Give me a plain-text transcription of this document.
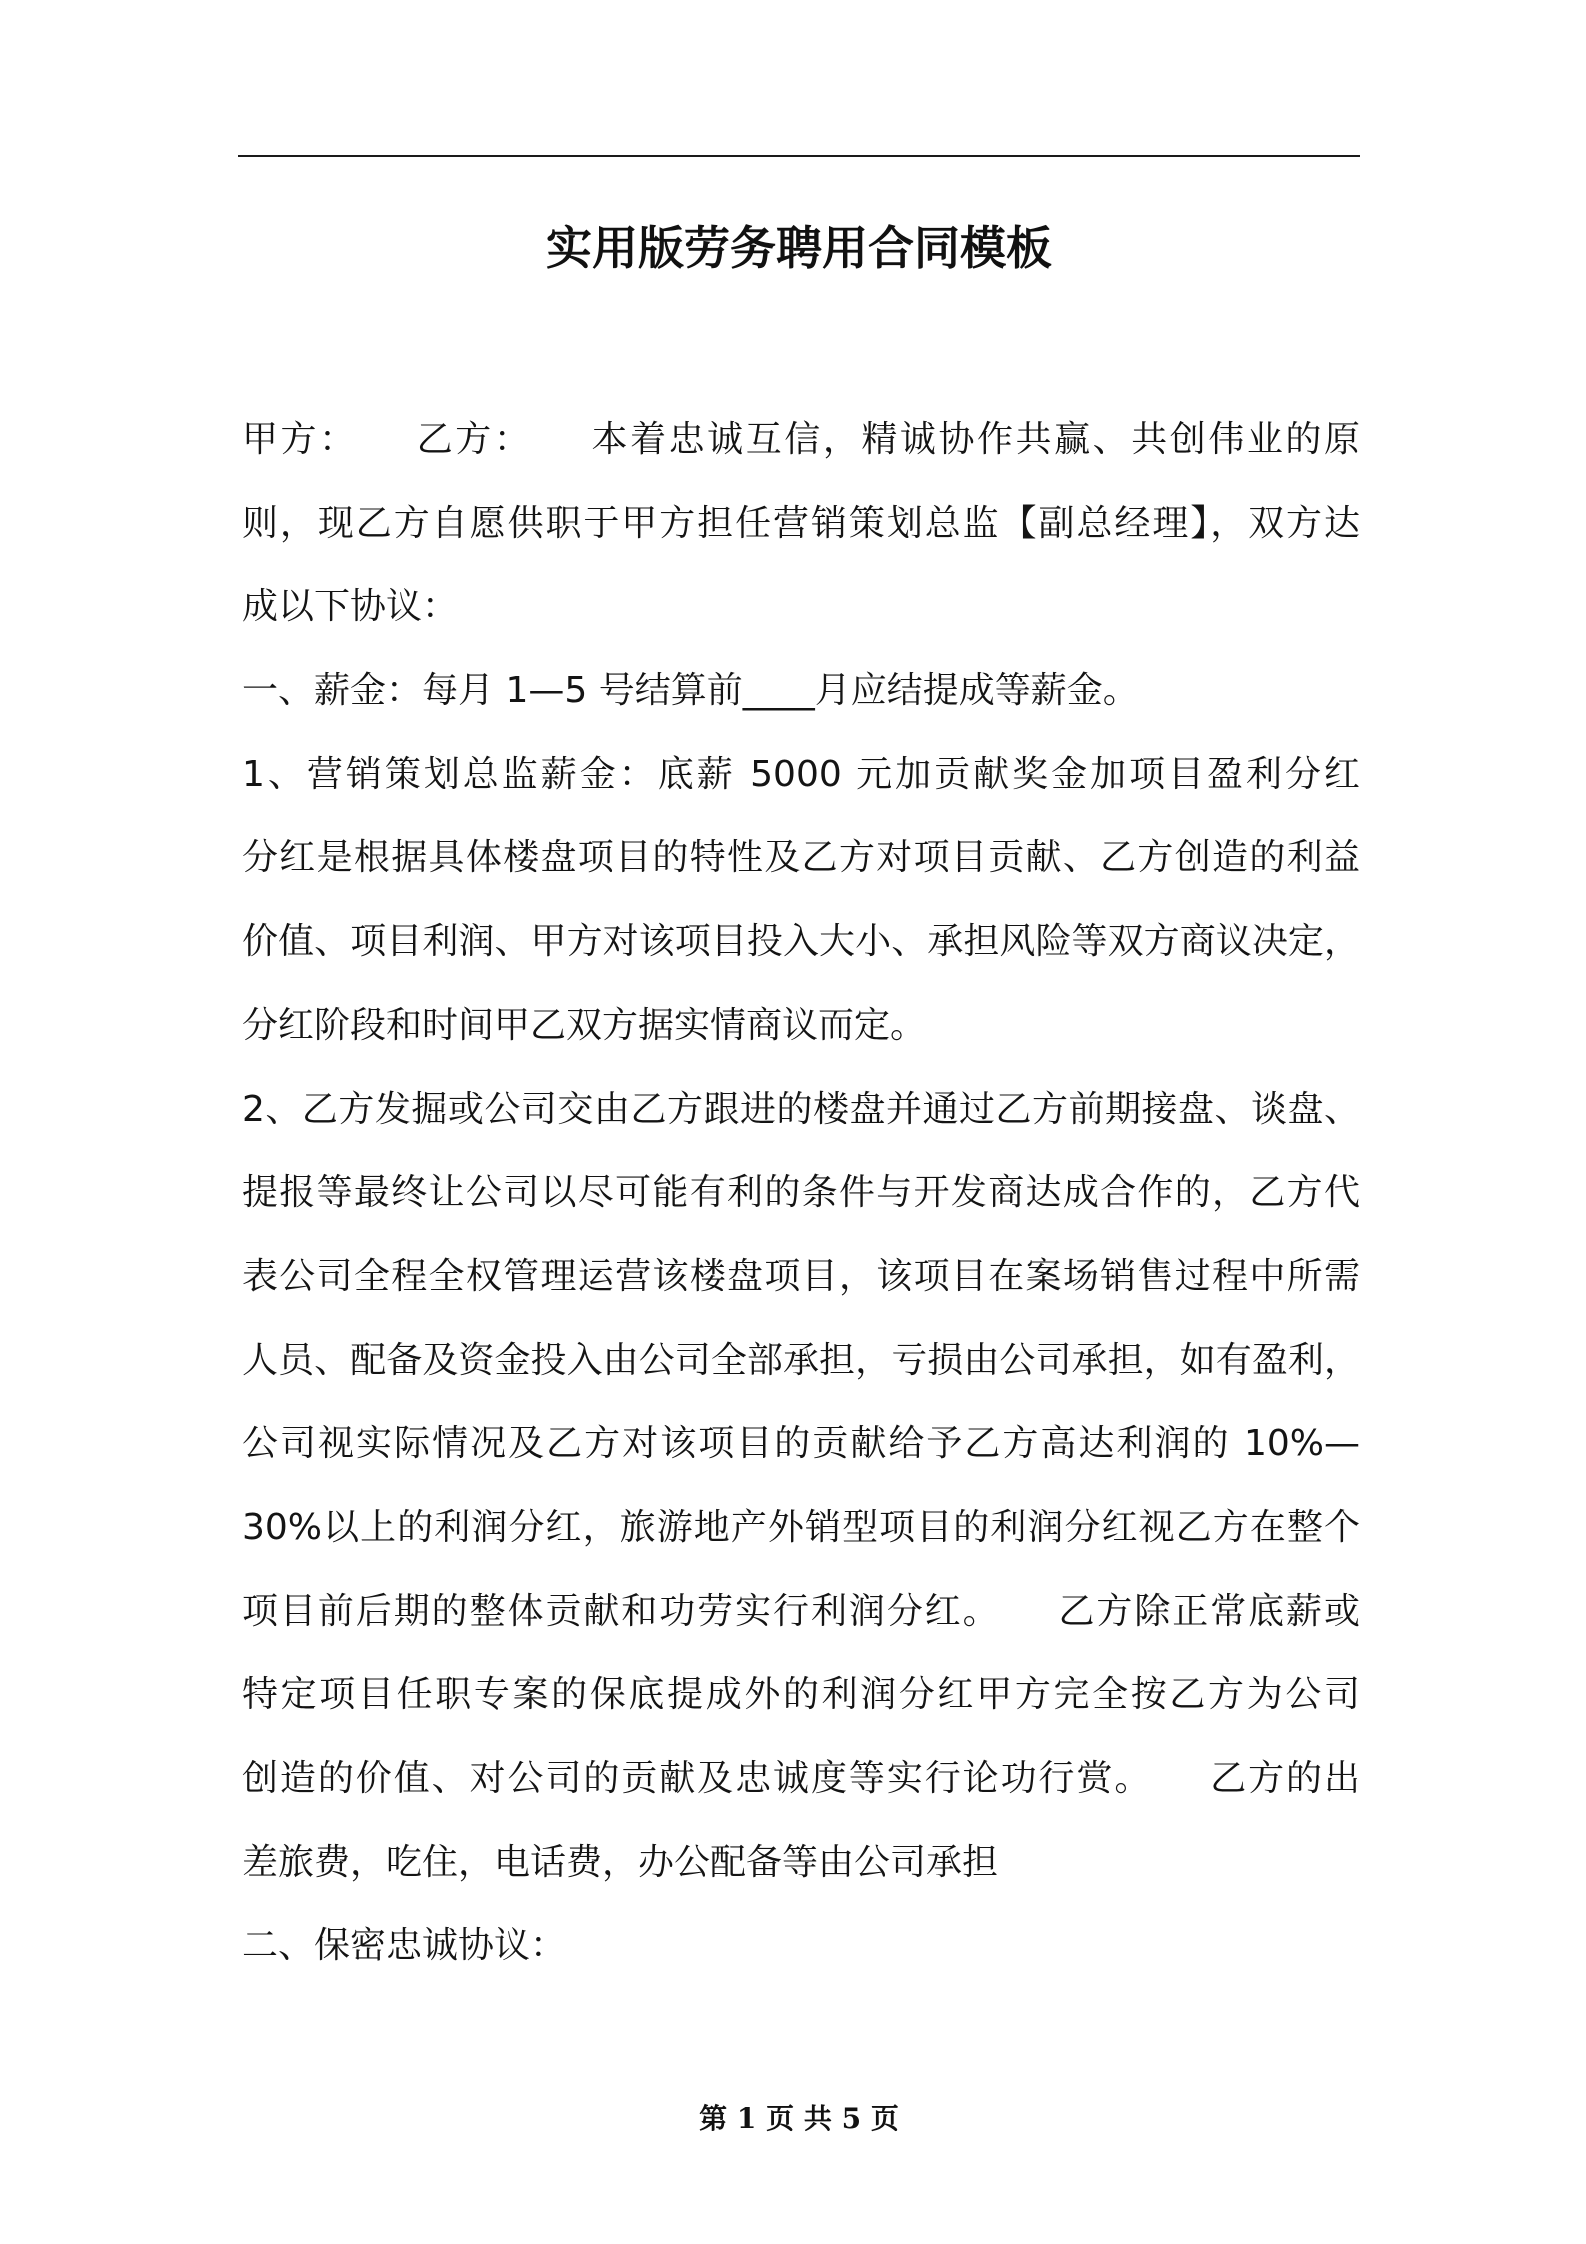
实用版劳务聘用合同模板
甲方：　　乙方：　　本着忠诚互信，精诚协作共赢、共创伟业的原
则，现乙方自愿供职于甲方担任营销策划总监【副总经理】，双方达
成以下协议：
一、薪金：每月 1—5 号结算前____月应结提成等薪金。
1、营销策划总监薪金：底薪 5000 元加贡献奖金加项目盈利分红
分红是根据具体楼盘项目的特性及乙方对项目贡献、乙方创造的利益
价值、项目利润、甲方对该项目投入大小、承担风险等双方商议决定，
分红阶段和时间甲乙双方据实情商议而定。
2、乙方发掘或公司交由乙方跟进的楼盘并通过乙方前期接盘、谈盘、
提报等最终让公司以尽可能有利的条件与开发商达成合作的，乙方代
表公司全程全权管理运营该楼盘项目，该项目在案场销售过程中所需
人员、配备及资金投入由公司全部承担，亏损由公司承担，如有盈利，
公司视实际情况及乙方对该项目的贡献给予乙方高达利润的 10%—
30%以上的利润分红，旅游地产外销型项目的利润分红视乙方在整个
项目前后期的整体贡献和功劳实行利润分红。　　乙方除正常底薪或
特定项目任职专案的保底提成外的利润分红甲方完全按乙方为公司
创造的价值、对公司的贡献及忠诚度等实行论功行赏。　　乙方的出
差旅费，吃住，电话费，办公配备等由公司承担
二、保密忠诚协议：
第 1 页 共 5 页
